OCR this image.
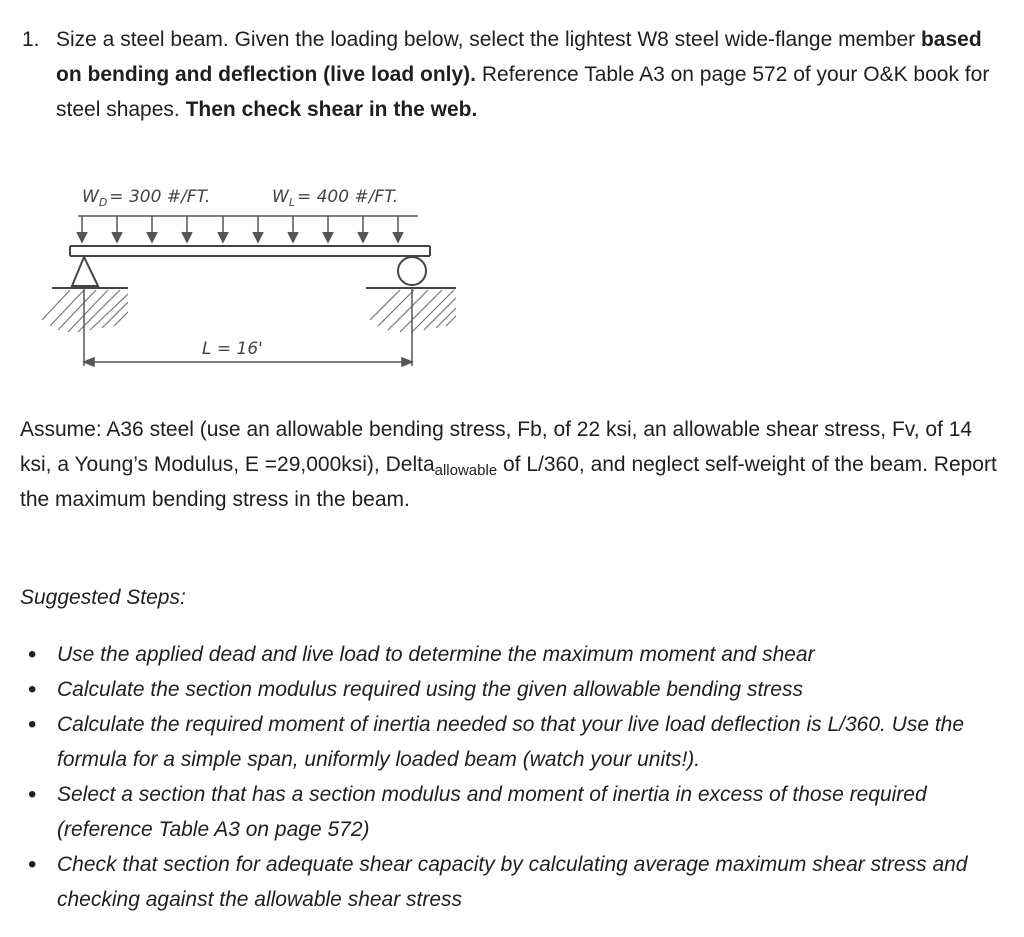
1. Size a steel beam. Given the loading below, select the lightest W8 steel wide-flange member based on bending and deflection (live load only). Reference Table A3 on page 572 of your O&K book for steel shapes. Then check shear in the web.
$W_D = 300$ #/FT.	$W_L = 400$ #/FT.
L = 16'
Assume: A36 steel (use an allowable bending stress, Fb, of 22 ksi, an allowable shear stress, Fv, of 14 ksi, a Young’s Modulus, E =29,000ksi), Delta$_{allowable}$ of L/360, and neglect self-weight of the beam. Report the maximum bending stress in the beam.
Suggested Steps:
• Use the applied dead and live load to determine the maximum moment and shear
• Calculate the section modulus required using the given allowable bending stress
• Calculate the required moment of inertia needed so that your live load deflection is L/360. Use the formula for a simple span, uniformly loaded beam (watch your units!).
• Select a section that has a section modulus and moment of inertia in excess of those required (reference Table A3 on page 572)
• Check that section for adequate shear capacity by calculating average maximum shear stress and checking against the allowable shear stress
